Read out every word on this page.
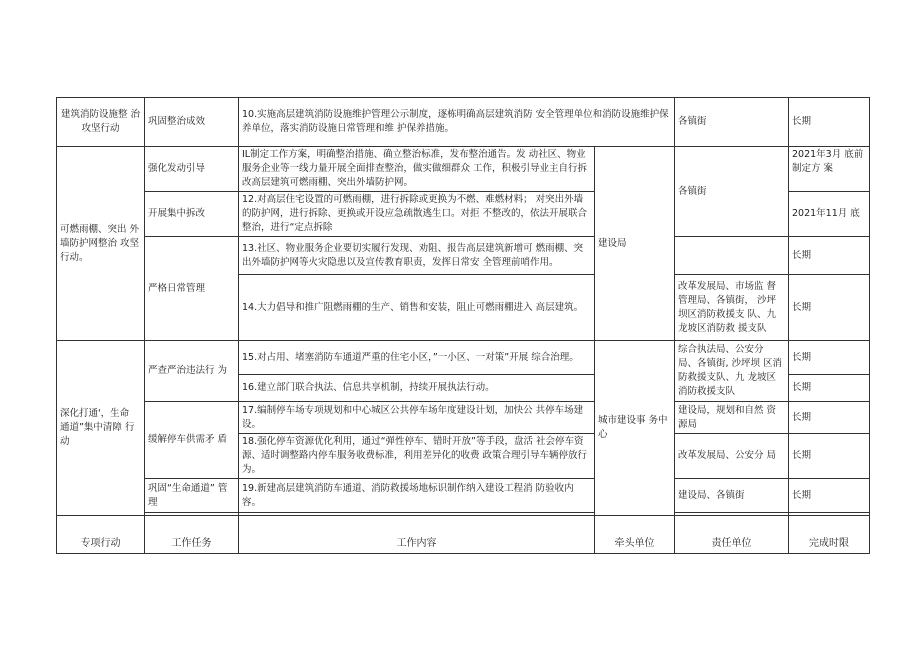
建筑消防设施整 治攻坚行动	巩固整治成效	10.实施高层建筑消防设施维护管理公示制度，逐栋明确高层建筑消防 安全管理单位和消防设施维护保养单位，落实消防设施日常管理和维 护保养措施。		各镇街	长期
可燃雨棚、突出 外墙防护网整治 攻坚行动。	强化发动引导	IL制定工作方案，明确整治措施、确立整治标准，发布整治通告。发 动社区、物业服务企业等一线力量开展全面排查整治，做实做细群众 工作，积极引导业主自行拆改高层建筑可燃雨棚、突出外墙防护网。	建设局	各镇街	2021年3月 底前制定方 案
	开展集中拆改	12.对高层住宅设置的可燃雨棚，进行拆除或更换为不燃、难燃材料； 对突出外墙的防护网，进行拆除、更换或开设应急疏散逃生口。对拒 不整改的，依法开展联合整治，进行“定点拆除			2021年11月 底
	严格日常管理	13.社区、物业服务企业要切实履行发现、劝阻、报告高层建筑新增可 燃雨棚、突出外墙防护网等火灾隐患以及宣传教育职责，发挥日常安 全管理前哨作用。			长期
		14.大力倡导和推广阻燃雨棚的生产、销售和安装，阻止可燃雨棚进入 高层建筑。		改革发展局、市场监 督管理局、各镇街， 沙坪坝区消防救援支 队、九龙坡区消防救 援支队	长期

深化打通'，生命 通道”集中清障 行动	严查严治违法行 为	15.对占用、堵塞消防车通道严重的住宅小区，”一小区、一对策”开展 综合治理。	城市建设事 务中心	综合执法局、公安分 局、各镇街, 沙坪坝 区消防救援支队、九 龙坡区消防救援支队	长期
		16.建立部门联合执法、信息共享机制，持续开展执法行动。			长期
	缓解停车供需矛 盾	17.编制停车场专项规划和中心城区公共停车场年度建设计划，加快公 共停车场建设。		建设局，规划和自然 资源局	长期
		18.强化停车资源优化利用，通过“弹性停车、错时开放”等手段，盘活 社会停车资源、适时调整路内停车服务收费标准，利用差异化的收费 政策合理引导车辆停放行为。		改革发展局、公安分 局	长期
	巩固“生命通道” 管理	19.新建高层建筑消防车通道、消防救援场地标识制作纳入建设工程消 防验收内容。		建设局、各镇街	长期

专项行动	工作任务	工作内容	牵头单位	责任单位	完成时限
